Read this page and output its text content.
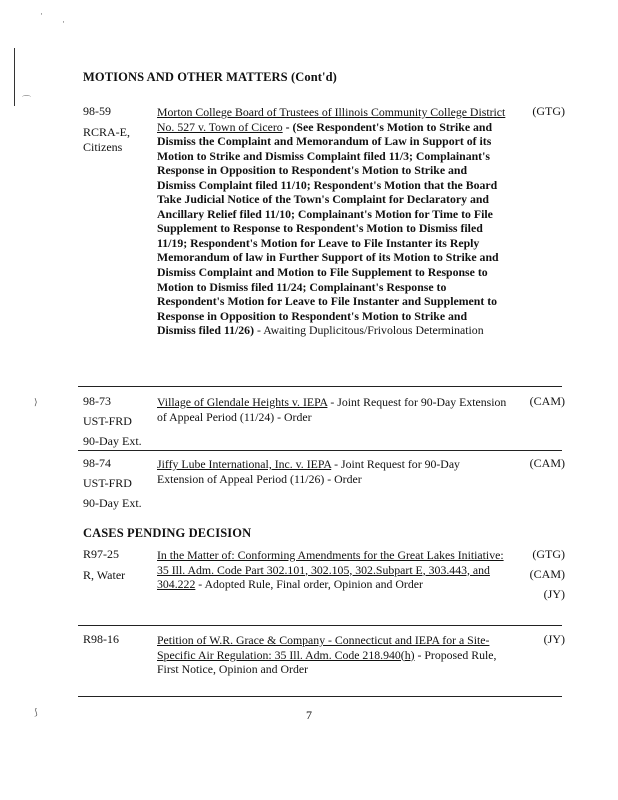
·
·
⌒
⟩
⟆
MOTIONS AND OTHER MATTERS (Cont'd)
98-59
RCRA-E,
Citizens
Morton College Board of Trustees of Illinois Community College District No. 527 v. Town of Cicero - (See Respondent's Motion to Strike and Dismiss the Complaint and Memorandum of Law in Support of its Motion to Strike and Dismiss Complaint filed 11/3; Complainant's Response in Opposition to Respondent's Motion to Strike and Dismiss Complaint filed 11/10; Respondent's Motion that the Board Take Judicial Notice of the Town's Complaint for Declaratory and Ancillary Relief filed 11/10; Complainant's Motion for Time to File Supplement to Response to Respondent's Motion to Dismiss filed 11/19; Respondent's Motion for Leave to File Instanter its Reply Memorandum of law in Further Support of its Motion to Strike and Dismiss Complaint and Motion to File Supplement to Response to Motion to Dismiss filed 11/24; Complainant's Response to Respondent's Motion for Leave to File Instanter and Supplement to Response in Opposition to Respondent's Motion to Strike and Dismiss filed 11/26) - Awaiting Duplicitous/Frivolous Determination
(GTG)
98-73
UST-FRD
90-Day Ext.
Village of Glendale Heights v. IEPA - Joint Request for 90-Day Extension of Appeal Period (11/24) - Order
(CAM)
98-74
UST-FRD
90-Day Ext.
Jiffy Lube International, Inc. v. IEPA - Joint Request for 90-Day Extension of Appeal Period (11/26) - Order
(CAM)
CASES PENDING DECISION
R97-25
R, Water
In the Matter of: Conforming Amendments for the Great Lakes Initiative: 35 Ill. Adm. Code Part 302.101, 302.105, 302.Subpart E, 303.443, and 304.222 - Adopted Rule, Final order, Opinion and Order
(GTG)
(CAM)
(JY)
R98-16	Petition of W.R. Grace & Company - Connecticut and IEPA for a Site-Specific Air Regulation: 35 Ill. Adm. Code 218.940(h) - Proposed Rule, First Notice, Opinion and Order
(JY)
7
